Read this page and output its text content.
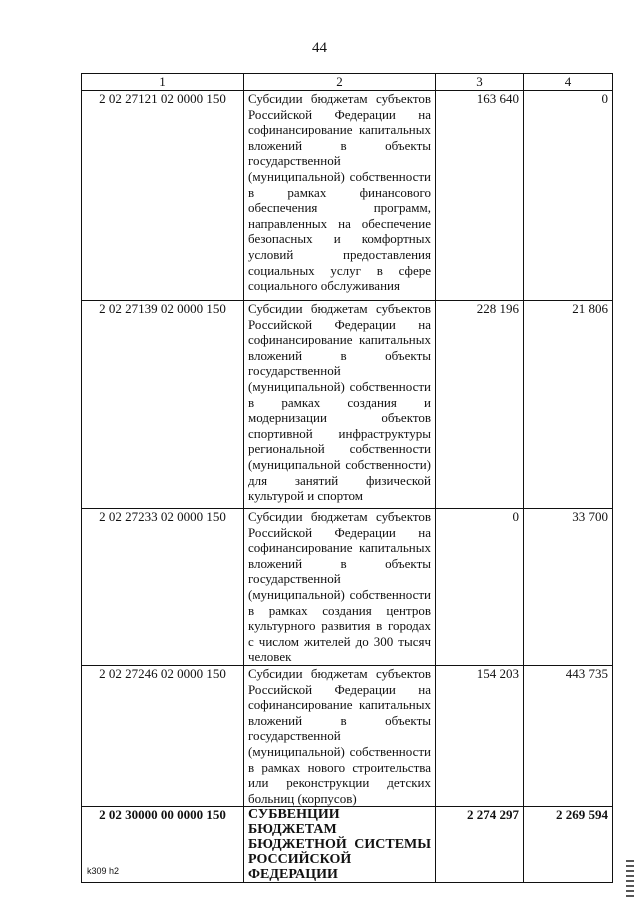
44
1	2	3	4
2 02 27121 02 0000 150	Субсидии бюджетам субъектов Российской Федерации на софинансирование капитальных вложений в объекты государственной (муниципальной) собственности в рамках финансового обеспечения программ, направленных на обеспечение безопасных и комфортных условий предоставления социальных услуг в сфере социального обслуживания	163 640	0
2 02 27139 02 0000 150	Субсидии бюджетам субъектов Российской Федерации на софинансирование капитальных вложений в объекты государственной (муниципальной) собственности в рамках создания и модернизации объектов спортивной инфраструктуры региональной собственности (муниципальной собственности) для занятий физической культурой и спортом	228 196	21 806
2 02 27233 02 0000 150	Субсидии бюджетам субъектов Российской Федерации на софинансирование капитальных вложений в объекты государственной (муниципальной) собственности в рамках создания центров культурного развития в городах с числом жителей до 300 тысяч человек	0	33 700
2 02 27246 02 0000 150	Субсидии бюджетам субъектов Российской Федерации на софинансирование капитальных вложений в объекты государственной (муниципальной) собственности в рамках нового строительства или реконструкции детских больниц (корпусов)	154 203	443 735
2 02 30000 00 0000 150	СУБВЕНЦИИ БЮДЖЕТАМ БЮДЖЕТНОЙ СИСТЕМЫ РОССИЙСКОЙ ФЕДЕРАЦИИ	2 274 297	2 269 594
k309 h2
